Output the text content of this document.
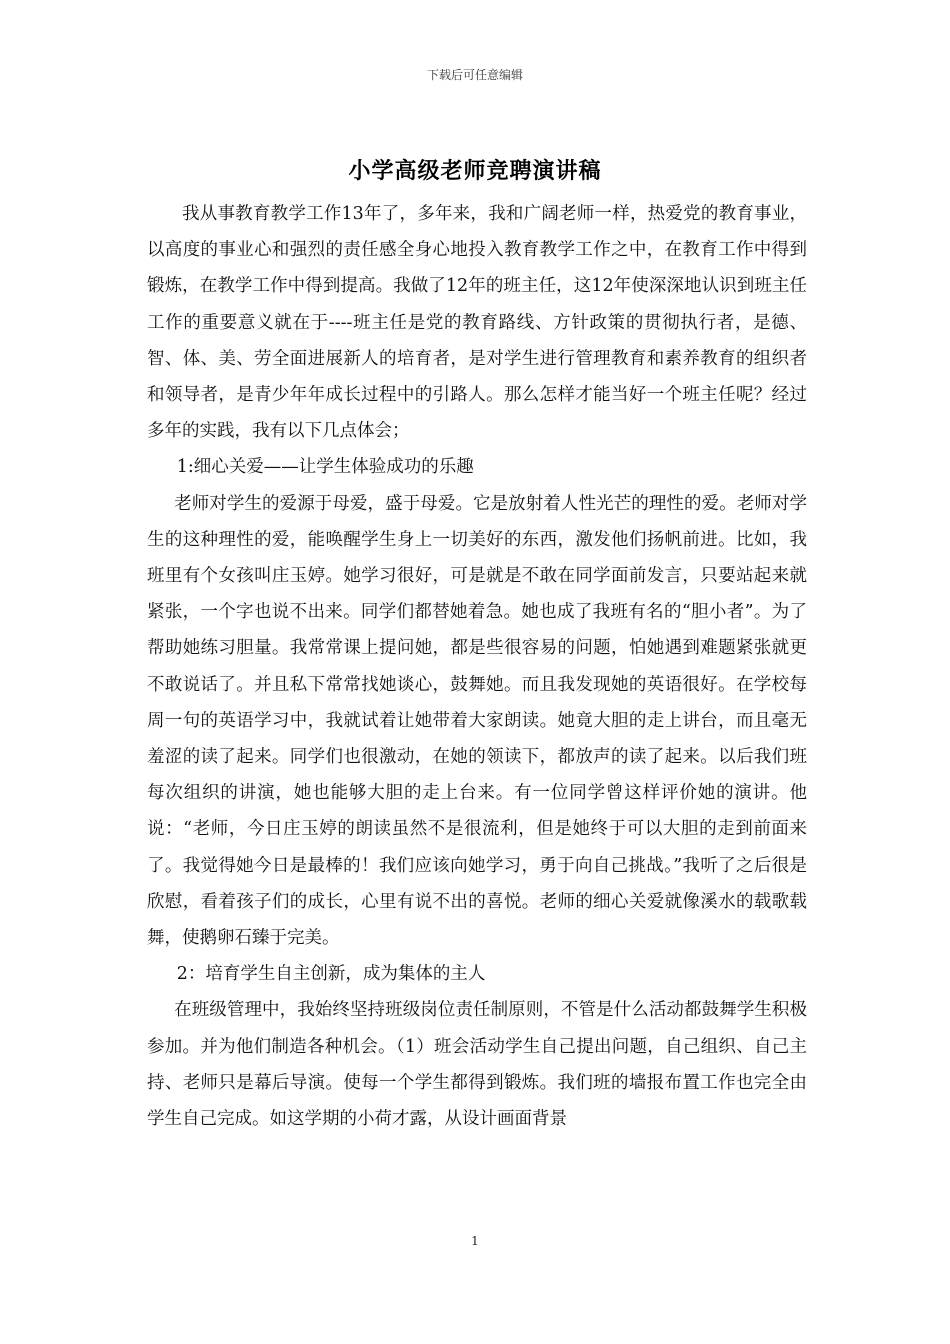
下载后可任意编辑
小学高级老师竞聘演讲稿

我从事教育教学工作13年了，多年来，我和广阔老师一样，热爱党的教育事业，以高度的事业心和强烈的责任感全身心地投入教育教学工作之中，在教育工作中得到锻炼，在教学工作中得到提高。我做了12年的班主任，这12年使深深地认识到班主任工作的重要意义就在于----班主任是党的教育路线、方针政策的贯彻执行者，是德、智、体、美、劳全面进展新人的培育者，是对学生进行管理教育和素养教育的组织者和领导者，是青少年年成长过程中的引路人。那么怎样才能当好一个班主任呢？经过多年的实践，我有以下几点体会；

1:细心关爱——让学生体验成功的乐趣

老师对学生的爱源于母爱，盛于母爱。它是放射着人性光芒的理性的爱。老师对学生的这种理性的爱，能唤醒学生身上一切美好的东西，激发他们扬帆前进。比如，我班里有个女孩叫庄玉婷。她学习很好，可是就是不敢在同学面前发言，只要站起来就紧张，一个字也说不出来。同学们都替她着急。她也成了我班有名的“胆小者”。为了帮助她练习胆量。我常常课上提问她，都是些很容易的问题，怕她遇到难题紧张就更不敢说话了。并且私下常常找她谈心，鼓舞她。而且我发现她的英语很好。在学校每周一句的英语学习中，我就试着让她带着大家朗读。她竟大胆的走上讲台，而且毫无羞涩的读了起来。同学们也很激动，在她的领读下，都放声的读了起来。以后我们班每次组织的讲演，她也能够大胆的走上台来。有一位同学曾这样评价她的演讲。他说：“老师，今日庄玉婷的朗读虽然不是很流利，但是她终于可以大胆的走到前面来了。我觉得她今日是最棒的！我们应该向她学习，勇于向自己挑战。”我听了之后很是欣慰，看着孩子们的成长，心里有说不出的喜悦。老师的细心关爱就像溪水的载歌载舞，使鹅卵石臻于完美。

2：培育学生自主创新，成为集体的主人

在班级管理中，我始终坚持班级岗位责任制原则，不管是什么活动都鼓舞学生积极参加。并为他们制造各种机会。（1）班会活动学生自己提出问题，自己组织、自己主持、老师只是幕后导演。使每一个学生都得到锻炼。我们班的墙报布置工作也完全由学生自己完成。如这学期的小荷才露，从设计画面背景

1
